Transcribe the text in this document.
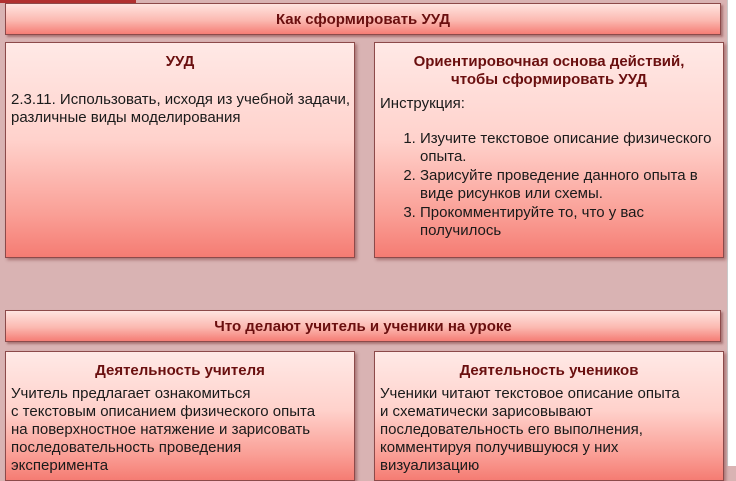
Как сформировать УУД
УУД
2.3.11. Использовать, исходя из учебной задачи, различные виды моделирования
Ориентировочная основа действий,
чтобы сформировать УУД
Инструкция:
1. Изучите текстовое описание физического опыта.
2. Зарисуйте проведение данного опыта в виде рисунков или схемы.
3. Прокомментируйте то, что у вас получилось
Что делают учитель и ученики на уроке
Деятельность учителя
Учитель предлагает ознакомиться
с текстовым описанием физического опыта
на поверхностное натяжение и зарисовать
последовательность проведения
эксперимента
Деятельность учеников
Ученики читают текстовое описание опыта
и схематически зарисовывают
последовательность его выполнения,
комментируя получившуюся у них
визуализацию
